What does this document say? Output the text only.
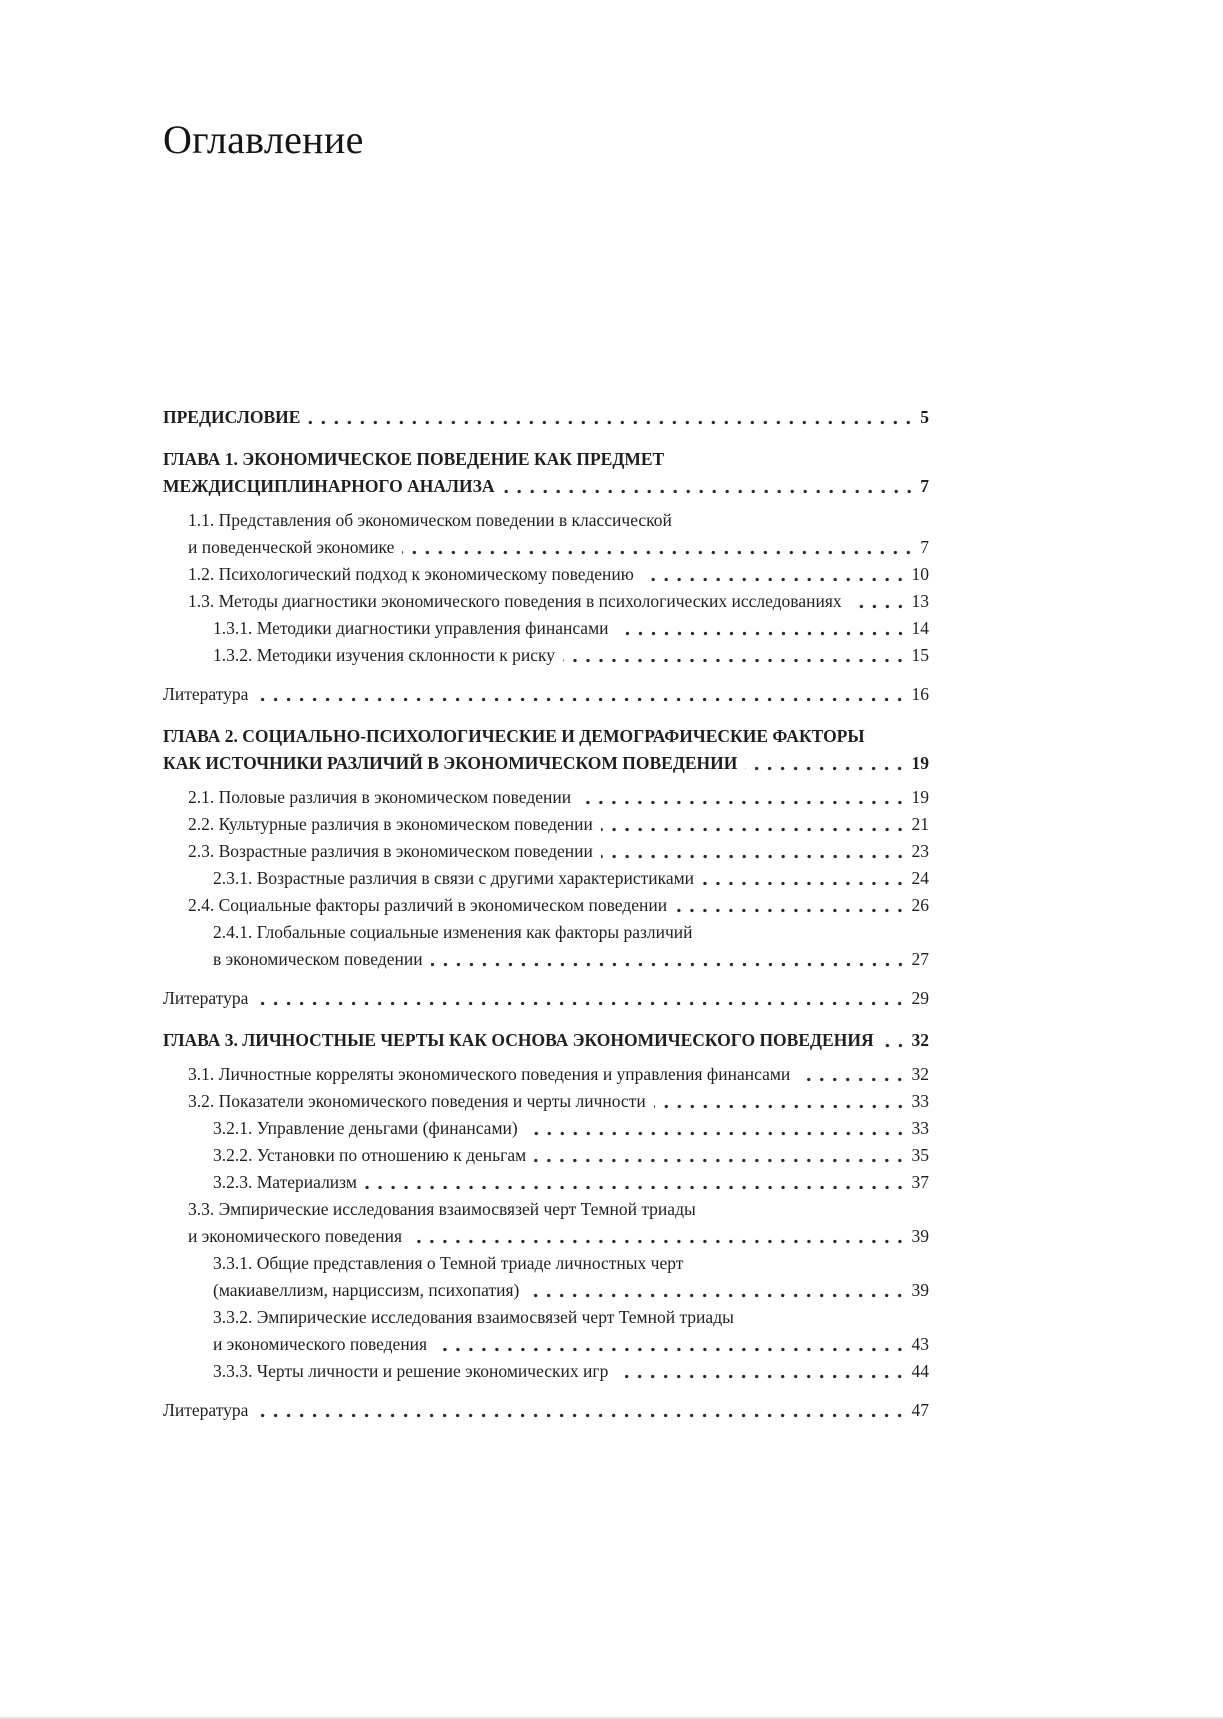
Оглавление
ПРЕДИСЛОВИЕ	5
ГЛАВА 1. ЭКОНОМИЧЕСКОЕ ПОВЕДЕНИЕ КАК ПРЕДМЕТ
МЕЖДИСЦИПЛИНАРНОГО АНАЛИЗА	7
1.1. Представления об экономическом поведении в классической
и поведенческой экономике	7
1.2. Психологический подход к экономическому поведению	10
1.3. Методы диагностики экономического поведения в психологических исследованиях	13
1.3.1. Методики диагностики управления финансами	14
1.3.2. Методики изучения склонности к риску	15
Литература	16
ГЛАВА 2. СОЦИАЛЬНО-ПСИХОЛОГИЧЕСКИЕ И ДЕМОГРАФИЧЕСКИЕ ФАКТОРЫ
КАК ИСТОЧНИКИ РАЗЛИЧИЙ В ЭКОНОМИЧЕСКОМ ПОВЕДЕНИИ	19
2.1. Половые различия в экономическом поведении	19
2.2. Культурные различия в экономическом поведении	21
2.3. Возрастные различия в экономическом поведении	23
2.3.1. Возрастные различия в связи с другими характеристиками	24
2.4. Социальные факторы различий в экономическом поведении	26
2.4.1. Глобальные социальные изменения как факторы различий
в экономическом поведении	27
Литература	29
ГЛАВА 3. ЛИЧНОСТНЫЕ ЧЕРТЫ КАК ОСНОВА ЭКОНОМИЧЕСКОГО ПОВЕДЕНИЯ 32
3.1. Личностные корреляты экономического поведения и управления финансами	32
3.2. Показатели экономического поведения и черты личности	33
3.2.1. Управление деньгами (финансами)	33
3.2.2. Установки по отношению к деньгам	35
3.2.3. Материализм	37
3.3. Эмпирические исследования взаимосвязей черт Темной триады
и экономического поведения	39
3.3.1. Общие представления о Темной триаде личностных черт
(макиавеллизм, нарциссизм, психопатия)	39
3.3.2. Эмпирические исследования взаимосвязей черт Темной триады
и экономического поведения	43
3.3.3. Черты личности и решение экономических игр	44
Литература	47
